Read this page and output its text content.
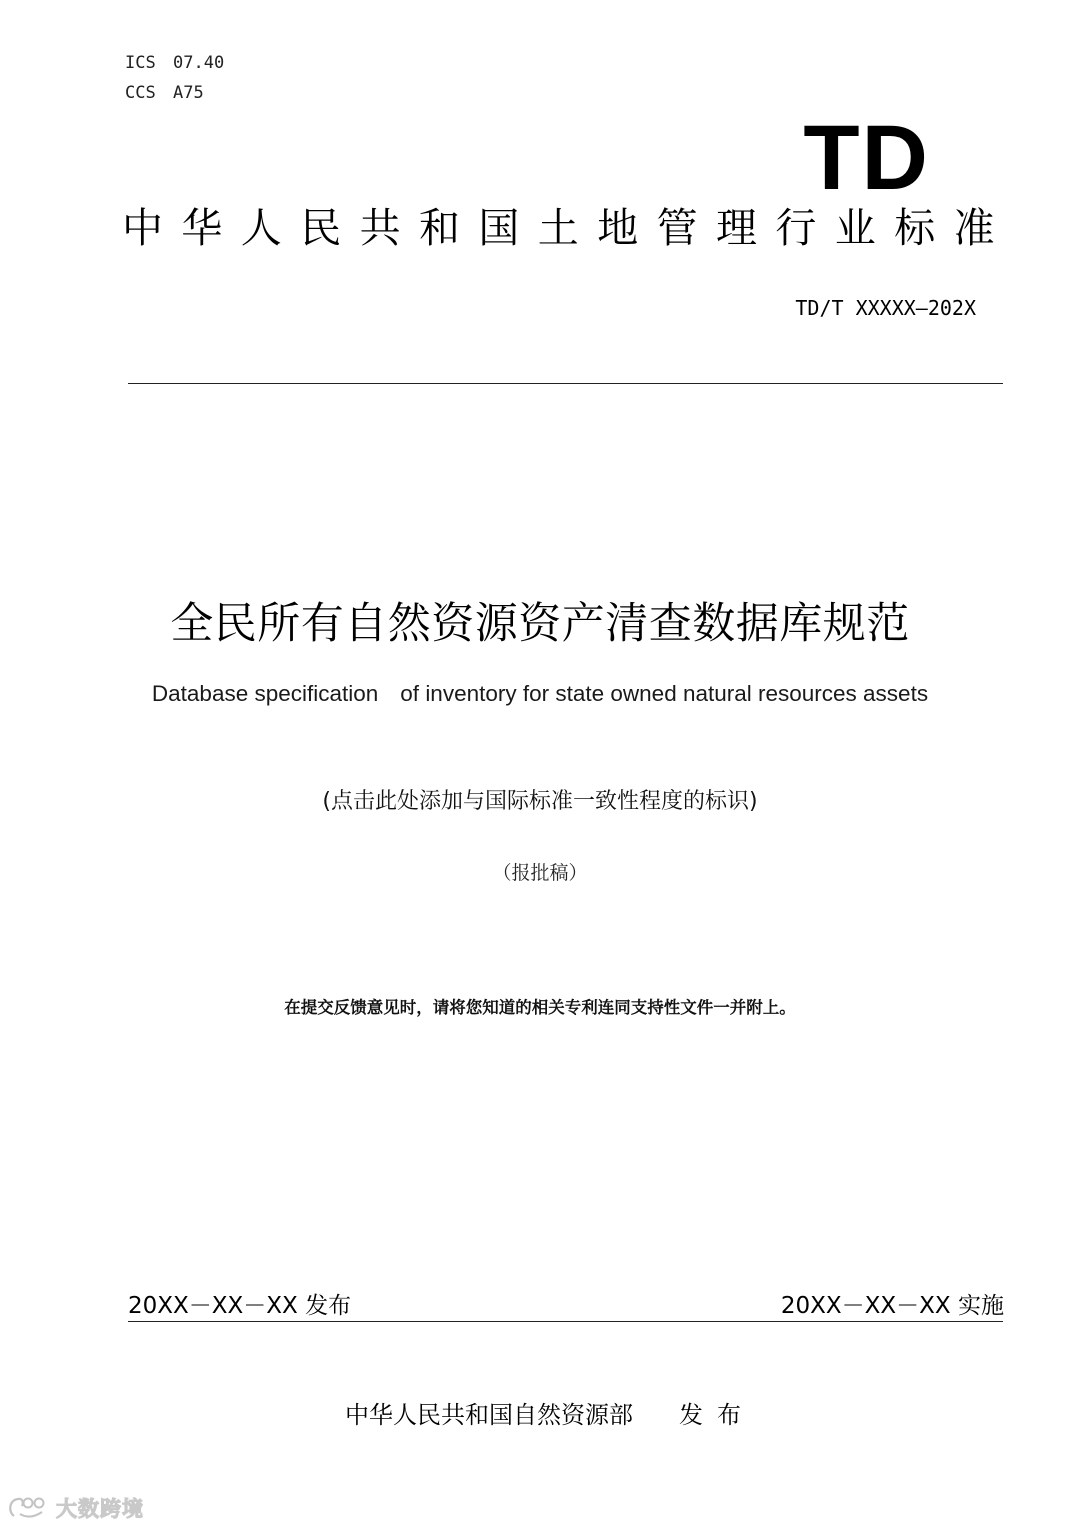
ICS 07.40
CCS A75
TD
中华人民共和国土地管理行业标准
TD/T XXXXX—202X
全民所有自然资源资产清查数据库规范
Database specification of inventory for state owned natural resources assets
(点击此处添加与国际标准一致性程度的标识)
（报批稿）
在提交反馈意见时，请将您知道的相关专利连同支持性文件一并附上。
20XX－XX－XX 发布	20XX－XX－XX 实施
中华人民共和国自然资源部 发布
大数跨境
